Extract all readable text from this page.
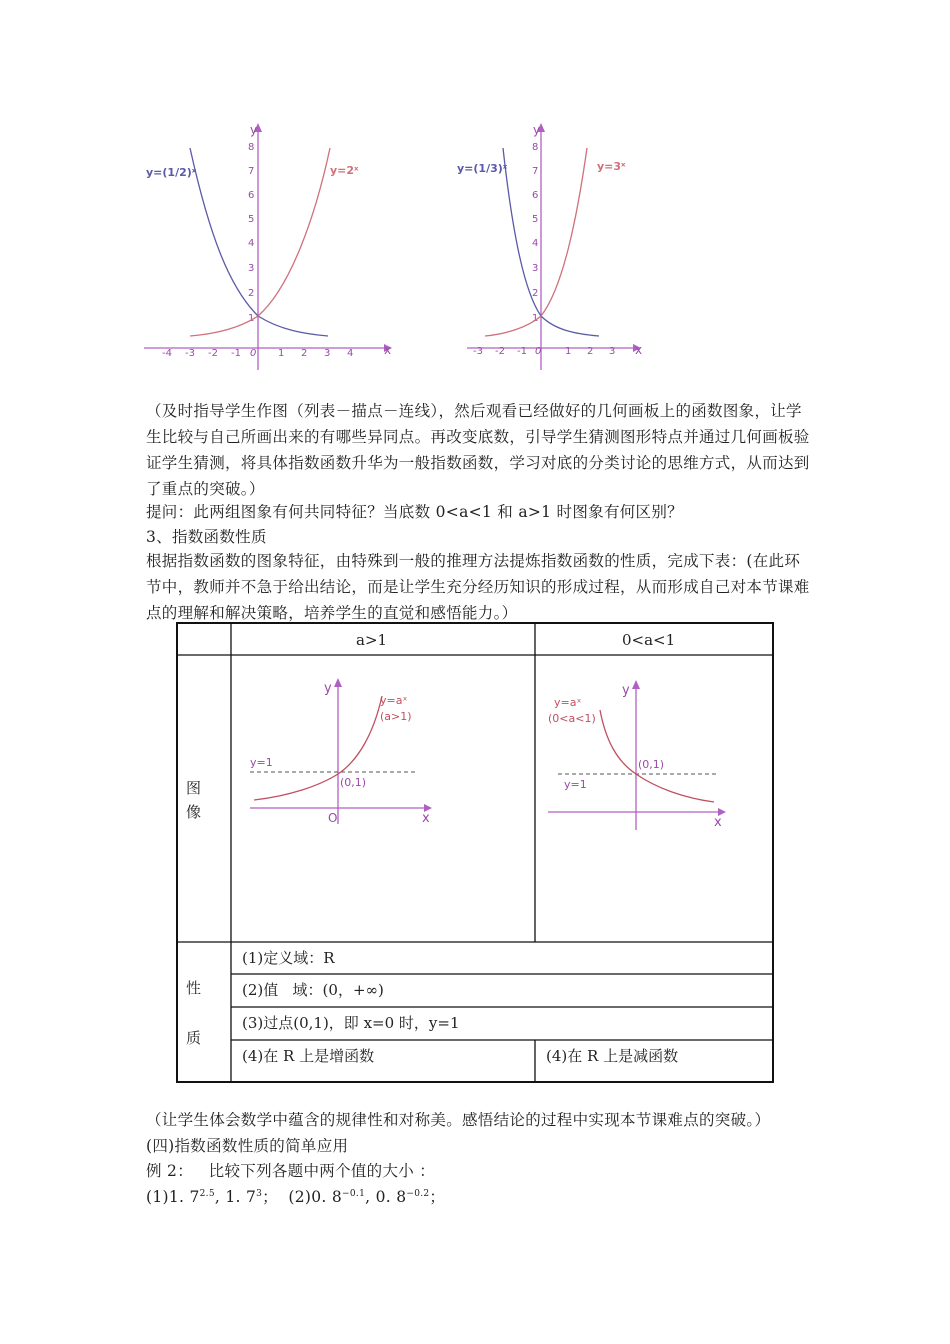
y
x
-4 -3 -2 -1 0 1 2 3 4
1
2
3
4
5
6
7
8
y=(1/2)ˣ	y=2ˣ
y
x
-3 -2 -1 0 1 2 3
1
2
3
4
5
6
7
8
y=(1/3)ˣ	y=3ˣ
（及时指导学生作图（列表－描点－连线），然后观看已经做好的几何画板上的函数图象，让学生比较与自己所画出来的有哪些异同点。再改变底数，引导学生猜测图形特点并通过几何画板验证学生猜测，将具体指数函数升华为一般指数函数，学习对底的分类讨论的思维方式，从而达到了重点的突破。）
提问：此两组图象有何共同特征？当底数 0<a<1 和 a>1 时图象有何区别？
3、指数函数性质
根据指数函数的图象特征，由特殊到一般的推理方法提炼指数函数的性质，完成下表：(在此环节中，教师并不急于给出结论，而是让学生充分经历知识的形成过程，从而形成自己对本节课难点的理解和解决策略，培养学生的直觉和感悟能力。）
a>1	0<a<1
图
像
性
质
(1)定义域：R
(2)值   域：(0，+∞)
(3)过点(0,1)，即 x=0 时，y=1
(4)在 R 上是增函数	(4)在 R 上是减函数
y
x
O
y=1
(0,1)
y=aˣ
(a>1)
y
x
y=1
(0,1)
y=aˣ
(0<a<1)
（让学生体会数学中蕴含的规律性和对称美。感悟结论的过程中实现本节课难点的突破。）
(四)指数函数性质的简单应用
例 2：   比较下列各题中两个值的大小 ：
(1)1. $7^{2.5}$, 1. $7^3$；  (2)0. $8^{-0.1}$, 0. $8^{-0.2}$；
